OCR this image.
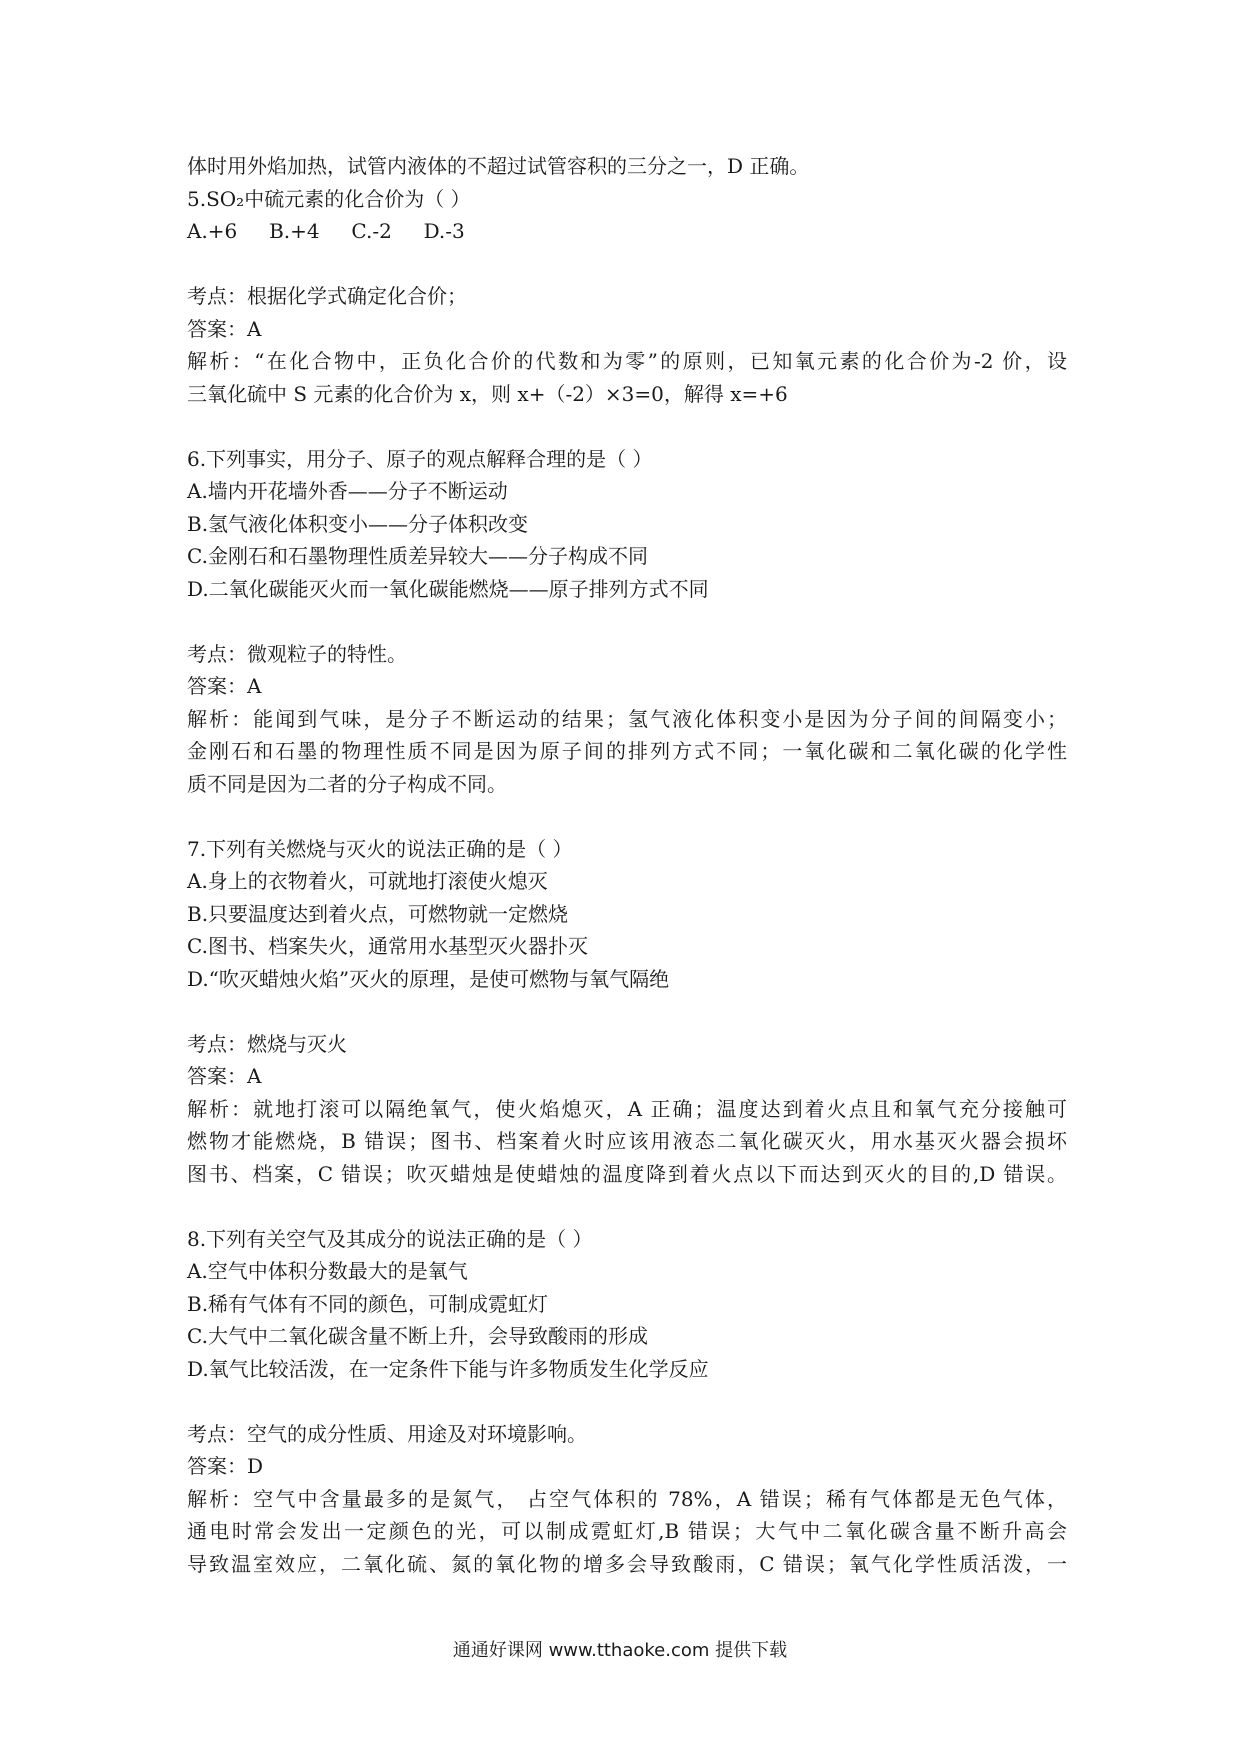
体时用外焰加热，试管内液体的不超过试管容积的三分之一，D 正确。
5.SO₂中硫元素的化合价为（ ）
A.+6     B.+4     C.-2     D.-3
考点：根据化学式确定化合价；
答案：A
解析：“在化合物中，正负化合价的代数和为零”的原则，已知氧元素的化合价为-2 价，设
三氧化硫中 S 元素的化合价为 x，则 x+（-2）×3=0，解得 x=+6
6.下列事实，用分子、原子的观点解释合理的是（ ）
A.墙内开花墙外香——分子不断运动
B.氢气液化体积变小——分子体积改变
C.金刚石和石墨物理性质差异较大——分子构成不同
D.二氧化碳能灭火而一氧化碳能燃烧——原子排列方式不同
考点：微观粒子的特性。
答案：A
解析：能闻到气味，是分子不断运动的结果；氢气液化体积变小是因为分子间的间隔变小；
金刚石和石墨的物理性质不同是因为原子间的排列方式不同；一氧化碳和二氧化碳的化学性
质不同是因为二者的分子构成不同。
7.下列有关燃烧与灭火的说法正确的是（ ）
A.身上的衣物着火，可就地打滚使火熄灭
B.只要温度达到着火点，可燃物就一定燃烧
C.图书、档案失火，通常用水基型灭火器扑灭
D.“吹灭蜡烛火焰”灭火的原理，是使可燃物与氧气隔绝
考点：燃烧与灭火
答案：A
解析：就地打滚可以隔绝氧气，使火焰熄灭，A 正确；温度达到着火点且和氧气充分接触可
燃物才能燃烧，B 错误；图书、档案着火时应该用液态二氧化碳灭火，用水基灭火器会损坏
图书、档案，C 错误；吹灭蜡烛是使蜡烛的温度降到着火点以下而达到灭火的目的,D 错误。
8.下列有关空气及其成分的说法正确的是（ ）
A.空气中体积分数最大的是氧气
B.稀有气体有不同的颜色，可制成霓虹灯
C.大气中二氧化碳含量不断上升，会导致酸雨的形成
D.氧气比较活泼，在一定条件下能与许多物质发生化学反应
考点：空气的成分性质、用途及对环境影响。
答案：D
解析：空气中含量最多的是氮气， 占空气体积的 78%，A 错误；稀有气体都是无色气体，
通电时常会发出一定颜色的光，可以制成霓虹灯,B 错误；大气中二氧化碳含量不断升高会
导致温室效应，二氧化硫、氮的氧化物的增多会导致酸雨，C 错误；氧气化学性质活泼，一
通通好课网 www.tthaoke.com 提供下载
